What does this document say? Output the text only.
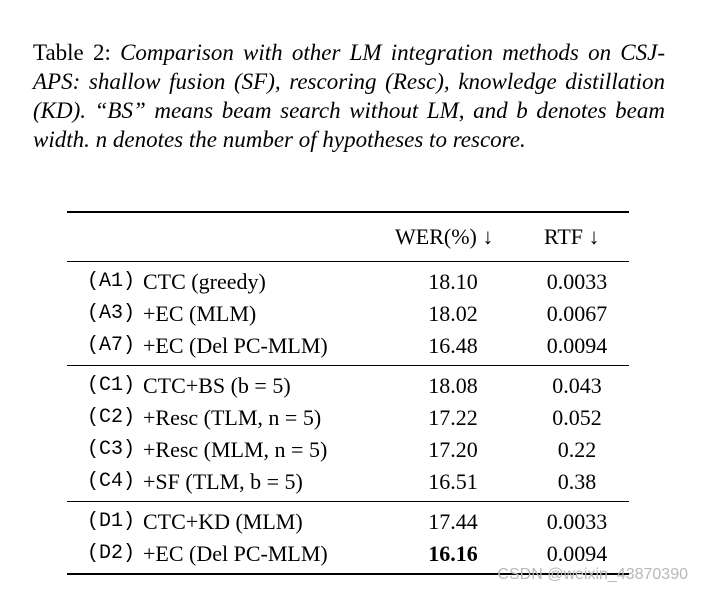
Table 2: Comparison with other LM integration methods on CSJ-APS: shallow fusion (SF), rescoring (Resc), knowledge distillation (KD). “BS” means beam search without LM, and b denotes beam width. n denotes the number of hypotheses to rescore.
WER(%) ↓ RTF ↓
(A1) CTC (greedy)	18.10	0.0033
(A3) +EC (MLM)	18.02	0.0067
(A7) +EC (Del PC-MLM)	16.48	0.0094
(C1) CTC+BS (b = 5)	18.08	0.043
(C2) +Resc (TLM, n = 5)	17.22	0.052
(C3) +Resc (MLM, n = 5)	17.20	0.22
(C4) +SF (TLM, b = 5)	16.51	0.38
(D1) CTC+KD (MLM)	17.44	0.0033
(D2) +EC (Del PC-MLM)	16.16	0.0094
CSDN @weixin_43870390
